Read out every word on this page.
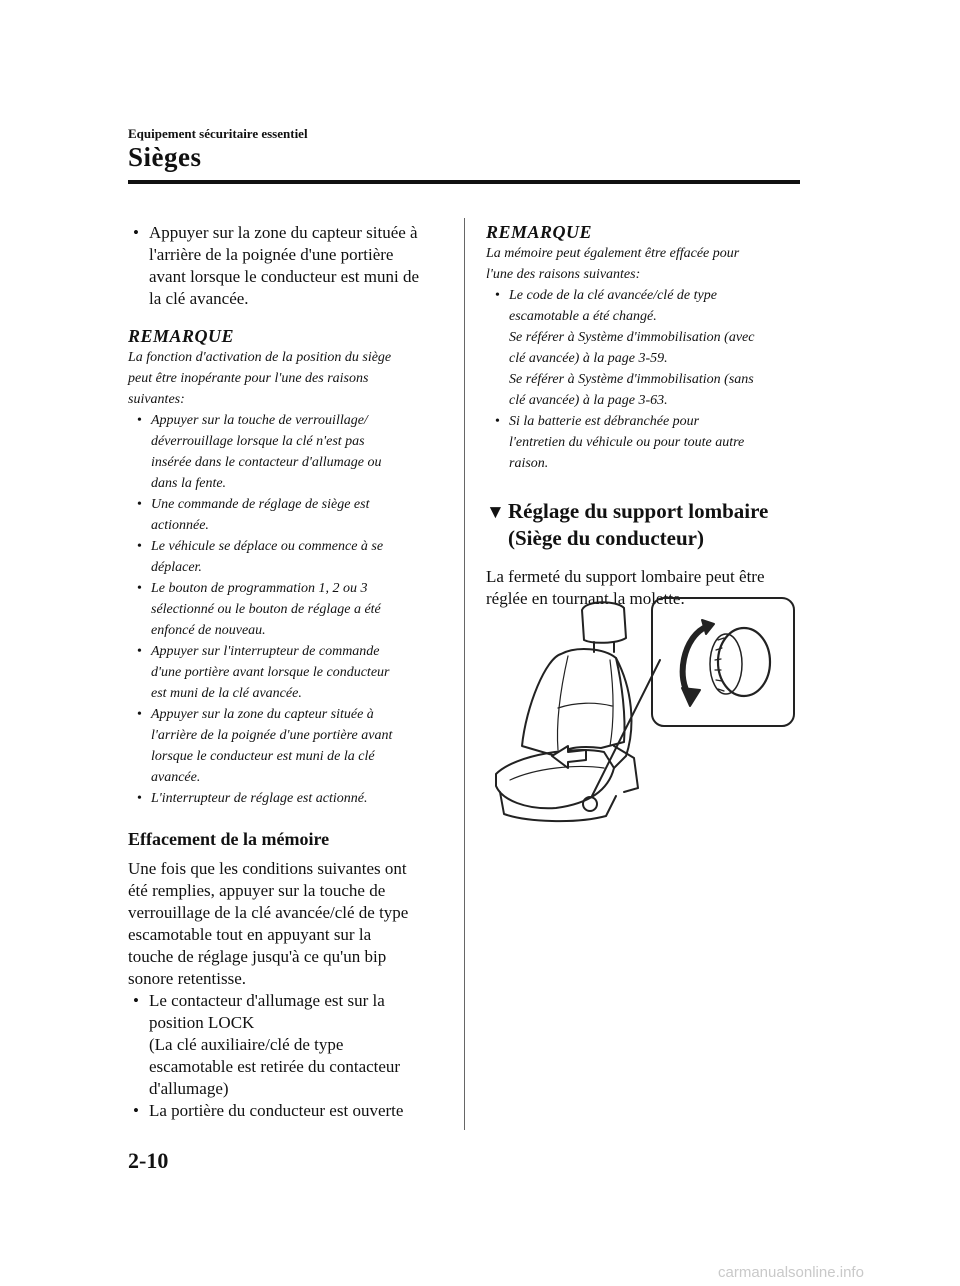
Equipement sécuritaire essentiel
Sièges
• Appuyer sur la zone du capteur située à
l'arrière de la poignée d'une portière
avant lorsque le conducteur est muni de
la clé avancée.

REMARQUE

La fonction d'activation de la position du siège
peut être inopérante pour l'une des raisons
suivantes:
• Appuyer sur la touche de verrouillage/
déverrouillage lorsque la clé n'est pas
insérée dans le contacteur d'allumage ou
dans la fente.
• Une commande de réglage de siège est
actionnée.
• Le véhicule se déplace ou commence à se
déplacer.
• Le bouton de programmation 1, 2 ou 3
sélectionné ou le bouton de réglage a été
enfoncé de nouveau.
• Appuyer sur l'interrupteur de commande
d'une portière avant lorsque le conducteur
est muni de la clé avancée.
• Appuyer sur la zone du capteur située à
l'arrière de la poignée d'une portière avant
lorsque le conducteur est muni de la clé
avancée.
• L'interrupteur de réglage est actionné.

Effacement de la mémoire

Une fois que les conditions suivantes ont
été remplies, appuyer sur la touche de
verrouillage de la clé avancée/clé de type
escamotable tout en appuyant sur la
touche de réglage jusqu'à ce qu'un bip
sonore retentisse.
• Le contacteur d'allumage est sur la
position LOCK
(La clé auxiliaire/clé de type
escamotable est retirée du contacteur
d'allumage)
• La portière du conducteur est ouverte

REMARQUE

La mémoire peut également être effacée pour
l'une des raisons suivantes:
• Le code de la clé avancée/clé de type
escamotable a été changé.
Se référer à Système d'immobilisation (avec
clé avancée) à la page 3-59.
Se référer à Système d'immobilisation (sans
clé avancée) à la page 3-63.
• Si la batterie est débranchée pour
l'entretien du véhicule ou pour toute autre
raison.
▼ Réglage du support lombaire
(Siège du conducteur)
La fermeté du support lombaire peut être
réglée en tournant la molette.
2-10
carmanualsonline.info
